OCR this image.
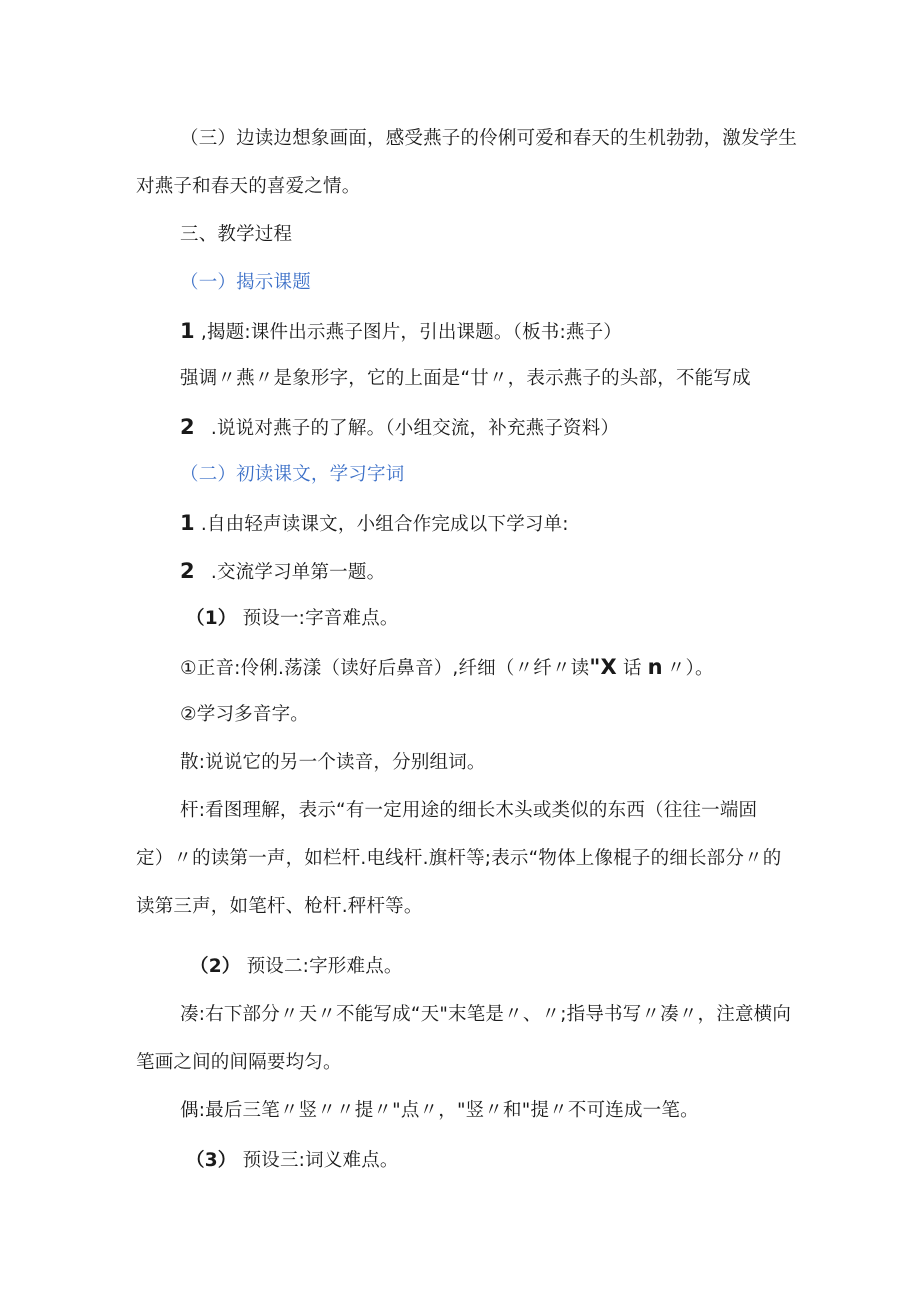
（三）边读边想象画面，感受燕子的伶俐可爱和春天的生机勃勃，激发学生
对燕子和春天的喜爱之情。
三、教学过程
（一）揭示课题
1 ,揭题:课件出示燕子图片，引出课题。（板书:燕子）
强调〃燕〃是象形字，它的上面是“廿〃，表示燕子的头部，不能写成
2 .说说对燕子的了解。（小组交流，补充燕子资料）
（二）初读课文，学习字词
1 .自由轻声读课文，小组合作完成以下学习单:
2 .交流学习单第一题。
（1） 预设一:字音难点。
①正音:伶俐.荡漾（读好后鼻音）,纤细（〃纤〃读"X 话 n 〃）。
②学习多音字。
散:说说它的另一个读音，分别组词。
杆:看图理解，表示“有一定用途的细长木头或类似的东西（往往一端固
定）〃的读第一声，如栏杆.电线杆.旗杆等;表示“物体上像棍子的细长部分〃的
读第三声，如笔杆、枪杆.秤杆等。
（2） 预设二:字形难点。
凑:右下部分〃天〃不能写成“天"末笔是〃、〃;指导书写〃凑〃，注意横向
笔画之间的间隔要均匀。
偶:最后三笔〃竖〃〃提〃"点〃，"竖〃和"提〃不可连成一笔。
（3） 预设三:词义难点。
